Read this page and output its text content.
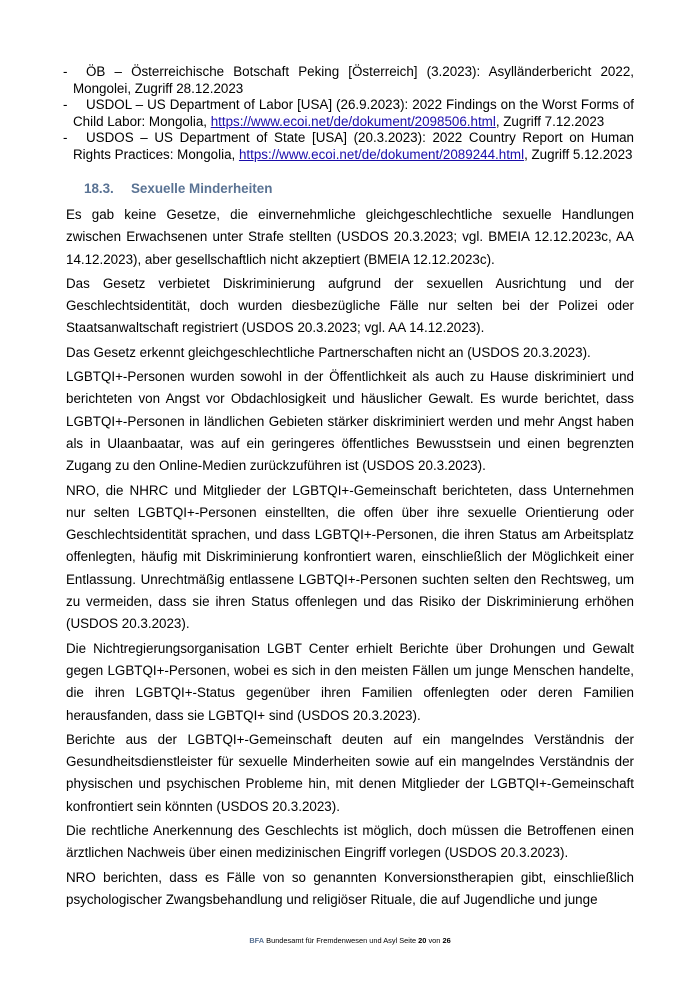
-	ÖB – Österreichische Botschaft Peking [Österreich] (3.2023): Asylländerbericht 2022, Mongolei, Zugriff 28.12.2023
-	USDOL – US Department of Labor [USA] (26.9.2023): 2022 Findings on the Worst Forms of Child Labor: Mongolia, https://www.ecoi.net/de/dokument/2098506.html, Zugriff 7.12.2023
-	USDOS – US Department of State [USA] (20.3.2023): 2022 Country Report on Human Rights Practices: Mongolia, https://www.ecoi.net/de/dokument/2089244.html, Zugriff 5.12.2023
18.3. Sexuelle Minderheiten

Es gab keine Gesetze, die einvernehmliche gleichgeschlechtliche sexuelle Handlungen zwischen Erwachsenen unter Strafe stellten (USDOS 20.3.2023; vgl. BMEIA 12.12.2023c, AA 14.12.2023), aber gesellschaftlich nicht akzeptiert (BMEIA 12.12.2023c).

Das Gesetz verbietet Diskriminierung aufgrund der sexuellen Ausrichtung und der Geschlechtsidentität, doch wurden diesbezügliche Fälle nur selten bei der Polizei oder Staatsanwaltschaft registriert (USDOS 20.3.2023; vgl. AA 14.12.2023).

Das Gesetz erkennt gleichgeschlechtliche Partnerschaften nicht an (USDOS 20.3.2023).

LGBTQI+-Personen wurden sowohl in der Öffentlichkeit als auch zu Hause diskriminiert und berichteten von Angst vor Obdachlosigkeit und häuslicher Gewalt. Es wurde berichtet, dass LGBTQI+-Personen in ländlichen Gebieten stärker diskriminiert werden und mehr Angst haben als in Ulaanbaatar, was auf ein geringeres öffentliches Bewusstsein und einen begrenzten Zugang zu den Online-Medien zurückzuführen ist (USDOS 20.3.2023).

NRO, die NHRC und Mitglieder der LGBTQI+-Gemeinschaft berichteten, dass Unternehmen nur selten LGBTQI+-Personen einstellten, die offen über ihre sexuelle Orientierung oder Geschlechtsidentität sprachen, und dass LGBTQI+-Personen, die ihren Status am Arbeitsplatz offenlegten, häufig mit Diskriminierung konfrontiert waren, einschließlich der Möglichkeit einer Entlassung. Unrechtmäßig entlassene LGBTQI+-Personen suchten selten den Rechtsweg, um zu vermeiden, dass sie ihren Status offenlegen und das Risiko der Diskriminierung erhöhen (USDOS 20.3.2023).

Die Nichtregierungsorganisation LGBT Center erhielt Berichte über Drohungen und Gewalt gegen LGBTQI+-Personen, wobei es sich in den meisten Fällen um junge Menschen handelte, die ihren LGBTQI+-Status gegenüber ihren Familien offenlegten oder deren Familien herausfanden, dass sie LGBTQI+ sind (USDOS 20.3.2023).

Berichte aus der LGBTQI+-Gemeinschaft deuten auf ein mangelndes Verständnis der Gesundheitsdienstleister für sexuelle Minderheiten sowie auf ein mangelndes Verständnis der physischen und psychischen Probleme hin, mit denen Mitglieder der LGBTQI+-Gemeinschaft konfrontiert sein könnten (USDOS 20.3.2023).

Die rechtliche Anerkennung des Geschlechts ist möglich, doch müssen die Betroffenen einen ärztlichen Nachweis über einen medizinischen Eingriff vorlegen (USDOS 20.3.2023).

NRO berichten, dass es Fälle von so genannten Konversionstherapien gibt, einschließlich psychologischer Zwangsbehandlung und religiöser Rituale, die auf Jugendliche und junge

BFA Bundesamt für Fremdenwesen und Asyl Seite 20 von 26
